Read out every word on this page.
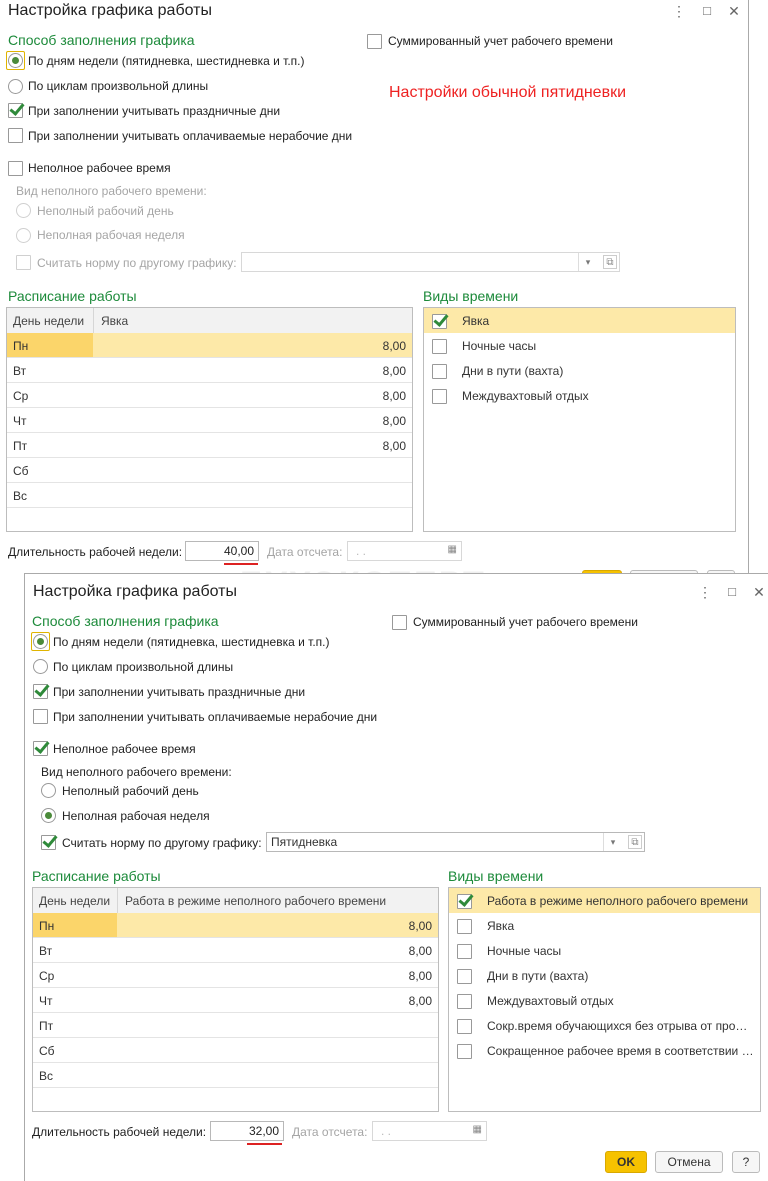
Настройка графика работы	⋮ □ ✕
Способ заполнения графика	Суммированный учет рабочего времени
По дням недели (пятидневка, шестидневка и т.п.)
По циклам произвольной длины	Настройки обычной пятидневки
При заполнении учитывать праздничные дни
При заполнении учитывать оплачиваемые нерабочие дни
Неполное рабочее время
Вид неполного рабочего времени:
Неполный рабочий день
Неполная рабочая неделя
Считать норму по другому графику:	▾	⧉
Расписание работы
День недели Явка
Пн	8,00
Вт	8,00
Ср	8,00
Чт	8,00
Пт	8,00
Сб
Вс
Виды времени
Явка
Ночные часы
Дни в пути (вахта)
Междувахтовый отдых
Длительность рабочей недели:	40,00	Дата отсчета:	. .	▦
Настройка графика работы	⋮ □ ✕
Способ заполнения графика	Суммированный учет рабочего времени
По дням недели (пятидневка, шестидневка и т.п.)
По циклам произвольной длины
При заполнении учитывать праздничные дни
При заполнении учитывать оплачиваемые нерабочие дни
Неполное рабочее время
Вид неполного рабочего времени:
Неполный рабочий день
Неполная рабочая неделя
Считать норму по другому графику: Пятидневка	▾	⧉
Расписание работы
День недели Работа в режиме неполного рабочего времени
Пн	8,00
Вт	8,00
Ср	8,00
Чт	8,00
Пт
Сб
Вс
Виды времени
Работа в режиме неполного рабочего времени
Явка
Ночные часы
Дни в пути (вахта)
Междувахтовый отдых
Сокр.время обучающихся без отрыва от про…
Сокращенное рабочее время в соответствии …
Длительность рабочей недели:	32,00	Дата отсчета:	. .	▦
OK	Отмена	?
